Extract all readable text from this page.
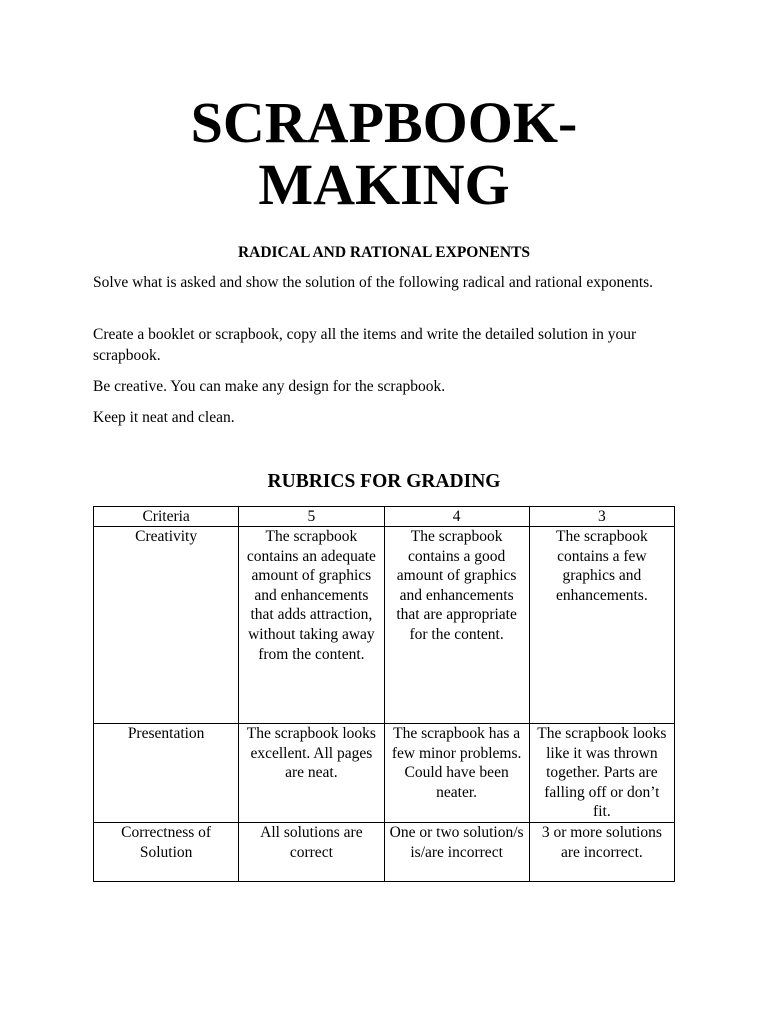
SCRAPBOOK-
MAKING

RADICAL AND RATIONAL EXPONENTS

Solve what is asked and show the solution of the following radical and rational exponents.

Create a booklet or scrapbook, copy all the items and write the detailed solution in your scrapbook.

Be creative. You can make any design for the scrapbook.

Keep it neat and clean.

RUBRICS FOR GRADING
Criteria	5	4	3
Creativity	The scrapbook contains an adequate amount of graphics and enhancements that adds attraction, without taking away from the content.	The scrapbook contains a good amount of graphics and enhancements that are appropriate for the content.	The scrapbook contains a few graphics and enhancements.
Presentation	The scrapbook looks excellent. All pages are neat.	The scrapbook has a few minor problems. Could have been neater.	The scrapbook looks like it was thrown together. Parts are falling off or don’t fit.
Correctness of Solution	All solutions are correct	One or two solution/s is/are incorrect	3 or more solutions are incorrect.
